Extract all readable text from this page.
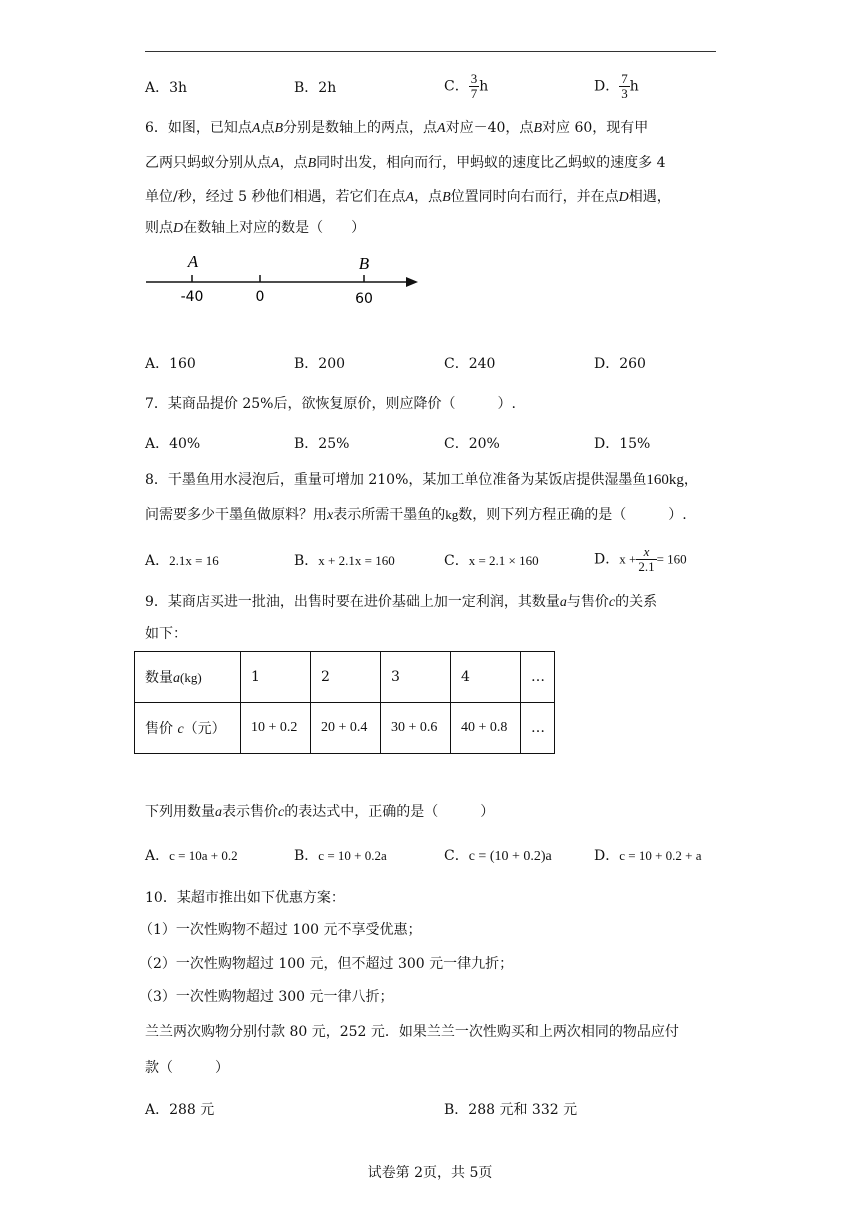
A．3h	B．2h	C． $\frac{3}{7}$ h	D． $\frac{7}{3}$ h
6．如图，已知点A点B分别是数轴上的两点，点A对应－40，点B对应 60，现有甲
乙两只蚂蚁分别从点A，点B同时出发，相向而行，甲蚂蚁的速度比乙蚂蚁的速度多 4
单位/秒，经过 5 秒他们相遇，若它们在点A，点B位置同时向右而行，并在点D相遇，
则点D在数轴上对应的数是（　　）
A	B
-40	0	60
A．160	B．200	C．240	D．260
7．某商品提价 25%后，欲恢复原价，则应降价（　　　）.
A．40%	B．25%	C．20%	D．15%
8．干墨鱼用水浸泡后，重量可增加 210%，某加工单位准备为某饭店提供湿墨鱼160kg，
问需要多少干墨鱼做原料？用x表示所需干墨鱼的kg数，则下列方程正确的是（　　　）.
A．2.1x = 16	B．x + 2.1x = 160	C．x = 2.1 × 160	D．$x + \frac{x}{2.1} = 160$
9．某商店买进一批油，出售时要在进价基础上加一定利润，其数量a与售价c的关系
如下：
数量a(kg)	1	2	3	4	…
售价 c（元）	10 + 0.2	20 + 0.4	30 + 0.6	40 + 0.8	…
下列用数量a表示售价c的表达式中，正确的是（　　　）
A．c = 10a + 0.2	B．c = 10 + 0.2a	C．c = (10 + 0.2)a	D．c = 10 + 0.2 + a
10．某超市推出如下优惠方案：
（1）一次性购物不超过 100 元不享受优惠；
（2）一次性购物超过 100 元，但不超过 300 元一律九折；
（3）一次性购物超过 300 元一律八折；
兰兰两次购物分别付款 80 元，252 元．如果兰兰一次性购买和上两次相同的物品应付
款（　　　）
A．288 元	B．288 元和 332 元
试卷第 2页，共 5页
